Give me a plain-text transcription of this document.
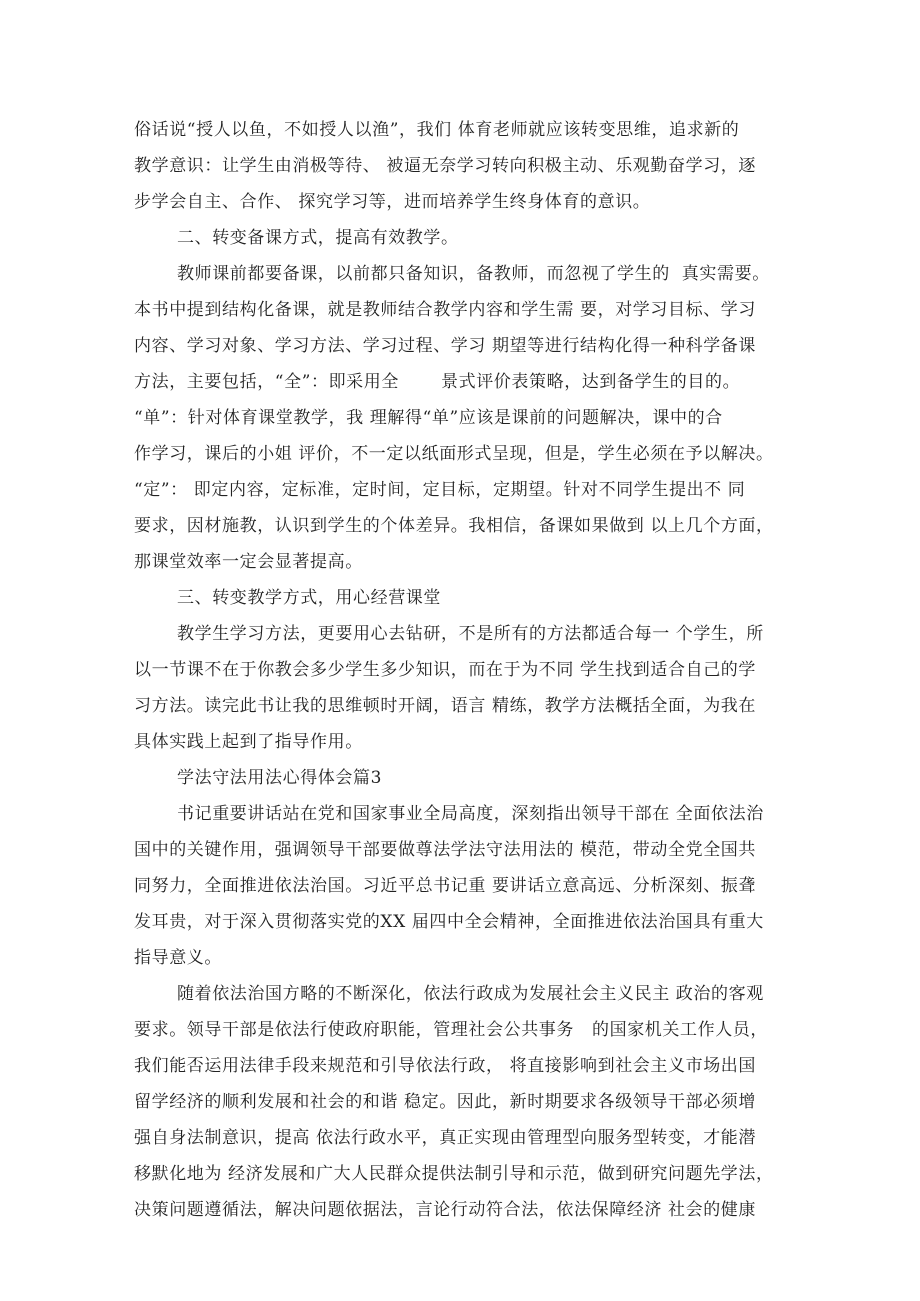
俗话说“授人以鱼，不如授人以渔”，我们 体育老师就应该转变思维，追求新的
教学意识：让学生由消极等待、 被逼无奈学习转向积极主动、乐观勤奋学习，逐
步学会自主、合作、 探究学习等，进而培养学生终身体育的意识。
二、转变备课方式，提高有效教学。
教师课前都要备课，以前都只备知识，备教师，而忽视了学生的  真实需要。
本书中提到结构化备课，就是教师结合教学内容和学生需 要，对学习目标、学习
内容、学习对象、学习方法、学习过程、学习 期望等进行结构化得一种科学备课
方法，主要包括，“全”：即采用全       景式评价表策略，达到备学生的目的。
“单”：针对体育课堂教学，我 理解得“单”应该是课前的问题解决，课中的合
作学习，课后的小姐 评价，不一定以纸面形式呈现，但是，学生必须在予以解决。
“定”： 即定内容，定标准，定时间，定目标，定期望。针对不同学生提出不 同
要求，因材施教，认识到学生的个体差异。我相信，备课如果做到 以上几个方面，
那课堂效率一定会显著提高。
三、转变教学方式，用心经营课堂
教学生学习方法，更要用心去钻研，不是所有的方法都适合每一 个学生，所
以一节课不在于你教会多少学生多少知识，而在于为不同 学生找到适合自己的学
习方法。读完此书让我的思维顿时开阔，语言 精练，教学方法概括全面，为我在
具体实践上起到了指导作用。
学法守法用法心得体会篇3
书记重要讲话站在党和国家事业全局高度，深刻指出领导干部在 全面依法治
国中的关键作用，强调领导干部要做尊法学法守法用法的 模范，带动全党全国共
同努力，全面推进依法治国。习近平总书记重 要讲话立意高远、分析深刻、振聋
发耳贵，对于深入贯彻落实党的XX 届四中全会精神，全面推进依法治国具有重大
指导意义。
随着依法治国方略的不断深化，依法行政成为发展社会主义民主 政治的客观
要求。领导干部是依法行使政府职能，管理社会公共事务   的国家机关工作人员，
我们能否运用法律手段来规范和引导依法行政， 将直接影响到社会主义市场出国
留学经济的顺利发展和社会的和谐 稳定。因此，新时期要求各级领导干部必须增
强自身法制意识，提高 依法行政水平，真正实现由管理型向服务型转变，才能潜
移默化地为 经济发展和广大人民群众提供法制引导和示范，做到研究问题先学法，
决策问题遵循法，解决问题依据法，言论行动符合法，依法保障经济 社会的健康
